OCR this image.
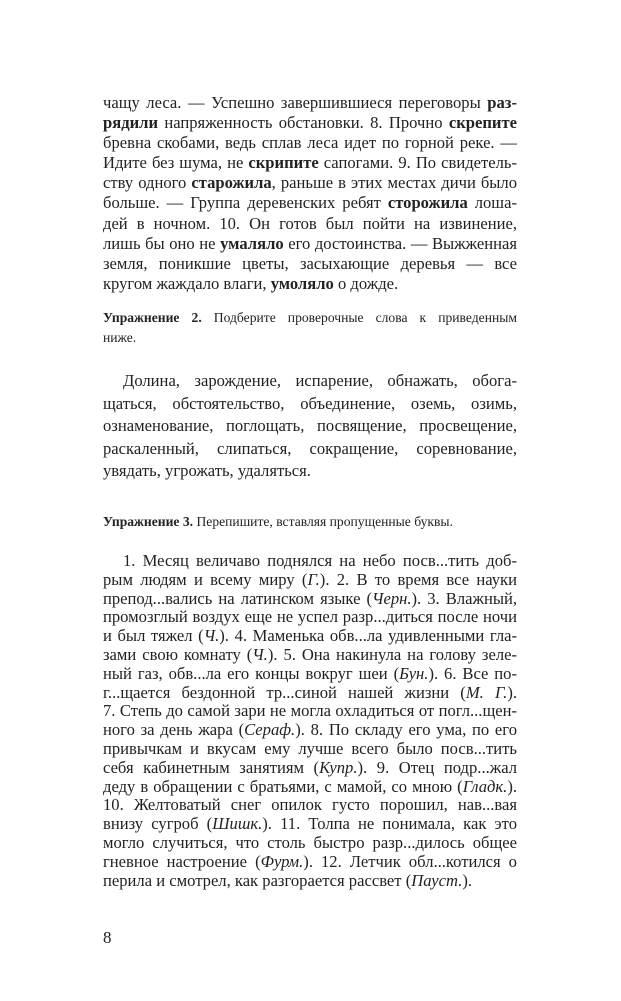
чащу леса. — Успешно завершившиеся переговоры раз-
рядили напряженность обстановки. 8. Прочно скрепите
бревна скобами, ведь сплав леса идет по горной реке. —
Идите без шума, не скрипите сапогами. 9. По свидетель-
ству одного старожила, раньше в этих местах дичи было
больше. — Группа деревенских ребят сторожила лоша-
дей в ночном. 10. Он готов был пойти на извинение,
лишь бы оно не умаляло его достоинства. — Выжженная
земля, поникшие цветы, засыхающие деревья — все
кругом жаждало влаги, умоляло о дожде.
Упражнение 2. Подберите проверочные слова к приведенным
ниже.
Долина, зарождение, испарение, обнажать, обога-
щаться, обстоятельство, объединение, оземь, озимь,
ознаменование, поглощать, посвящение, просвещение,
раскаленный, слипаться, сокращение, соревнование,
увядать, угрожать, удаляться.
Упражнение 3. Перепишите, вставляя пропущенные буквы.
1. Месяц величаво поднялся на небо посв...тить доб-
рым людям и всему миру (Г.). 2. В то время все науки
препод...вались на латинском языке (Черн.). 3. Влажный,
промозглый воздух еще не успел разр...диться после ночи
и был тяжел (Ч.). 4. Маменька обв...ла удивленными гла-
зами свою комнату (Ч.). 5. Она накинула на голову зеле-
ный газ, обв...ла его концы вокруг шеи (Бун.). 6. Все по-
г...щается бездонной тр...синой нашей жизни (М. Г.).
7. Степь до самой зари не могла охладиться от погл...щен-
ного за день жара (Сераф.). 8. По складу его ума, по его
привычкам и вкусам ему лучше всего было посв...тить
себя кабинетным занятиям (Купр.). 9. Отец подр...жал
деду в обращении с братьями, с мамой, со мною (Гладк.).
10. Желтоватый снег опилок густо порошил, нав...вая
внизу сугроб (Шишк.). 11. Толпа не понимала, как это
могло случиться, что столь быстро разр...дилось общее
гневное настроение (Фурм.). 12. Летчик обл...котился о
перила и смотрел, как разгорается рассвет (Пауст.).
8
